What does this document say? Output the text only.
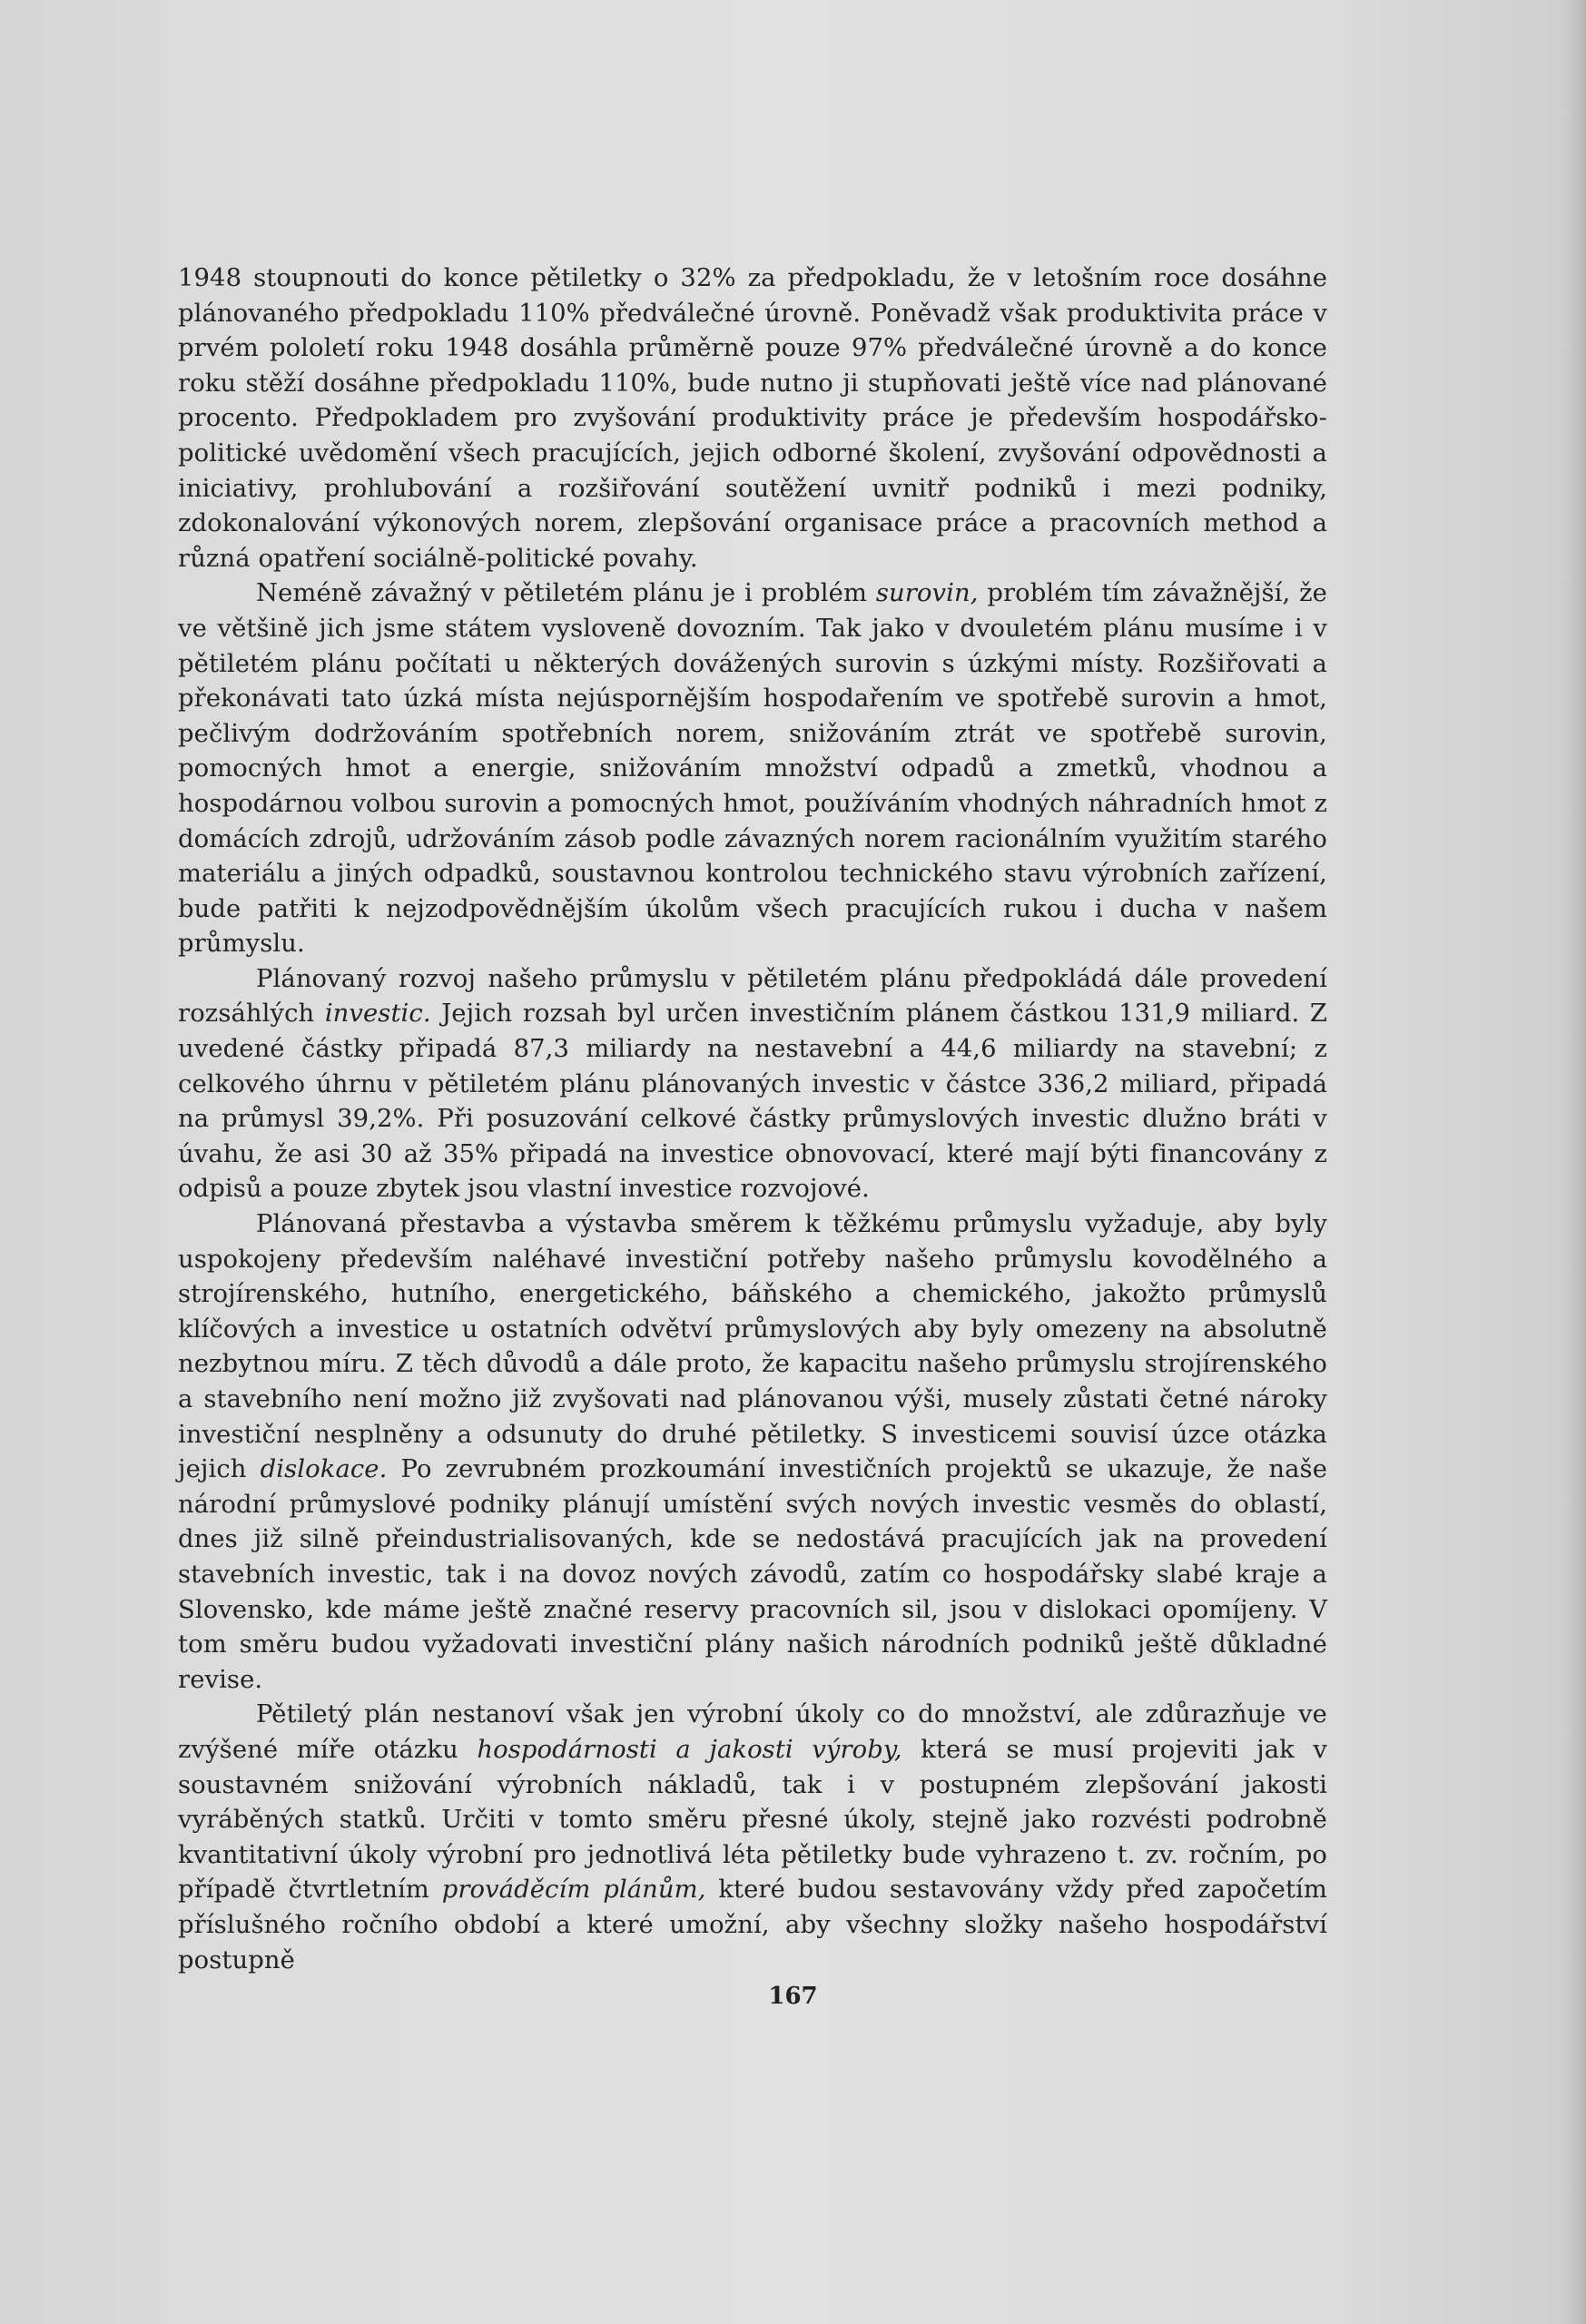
1948 stoupnouti do konce pětiletky o 32% za předpokladu, že v letošním roce dosáhne plánovaného předpokladu 110% předválečné úrovně. Poněvadž však produktivita práce v prvém pololetí roku 1948 dosáhla průměrně pouze 97% předválečné úrovně a do konce roku stěží dosáhne předpokladu 110%, bude nutno ji stupňovati ještě více nad plánované procento. Předpokladem pro zvyšování produktivity práce je především hospodářsko-politické uvědomění všech pracujících, jejich odborné školení, zvyšování odpovědnosti a iniciativy, prohlubování a rozšiřování soutěžení uvnitř podniků i mezi podniky, zdokonalování výkonových norem, zlepšování organisace práce a pracovních method a různá opatření sociálně-politické povahy.

Neméně závažný v pětiletém plánu je i problém surovin, problém tím závažnější, že ve většině jich jsme státem vysloveně dovozním. Tak jako v dvouletém plánu musíme i v pětiletém plánu počítati u některých dovážených surovin s úzkými místy. Rozšiřovati a překonávati tato úzká místa nejúspornějším hospodařením ve spotřebě surovin a hmot, pečlivým dodržováním spotřebních norem, snižováním ztrát ve spotřebě surovin, pomocných hmot a energie, snižováním množství odpadů a zmetků, vhodnou a hospodárnou volbou surovin a pomocných hmot, používáním vhodných náhradních hmot z domácích zdrojů, udržováním zásob podle závazných norem racionálním využitím starého materiálu a jiných odpadků, soustavnou kontrolou technického stavu výrobních zařízení, bude patřiti k nejzodpovědnějším úkolům všech pracujících rukou i ducha v našem průmyslu.

Plánovaný rozvoj našeho průmyslu v pětiletém plánu předpokládá dále provedení rozsáhlých investic. Jejich rozsah byl určen investičním plánem částkou 131,9 miliard. Z uvedené částky připadá 87,3 miliardy na nestavební a 44,6 miliardy na stavební; z celkového úhrnu v pětiletém plánu plánovaných investic v částce 336,2 miliard, připadá na průmysl 39,2%. Při posuzování celkové částky průmyslových investic dlužno bráti v úvahu, že asi 30 až 35% připadá na investice obnovovací, které mají býti financovány z odpisů a pouze zbytek jsou vlastní investice rozvojové.

Plánovaná přestavba a výstavba směrem k těžkému průmyslu vyžaduje, aby byly uspokojeny především naléhavé investiční potřeby našeho průmyslu kovodělného a strojírenského, hutního, energetického, báňského a chemického, jakožto průmyslů klíčových a investice u ostatních odvětví průmyslových aby byly omezeny na absolutně nezbytnou míru. Z těch důvodů a dále proto, že kapacitu našeho průmyslu strojírenského a stavebního není možno již zvyšovati nad plánovanou výši, musely zůstati četné nároky investiční nesplněny a odsunuty do druhé pětiletky. S investicemi souvisí úzce otázka jejich dislokace. Po zevrubném prozkoumání investičních projektů se ukazuje, že naše národní průmyslové podniky plánují umístění svých nových investic vesměs do oblastí, dnes již silně přeindustrialisovaných, kde se nedostává pracujících jak na provedení stavebních investic, tak i na dovoz nových závodů, zatím co hospodářsky slabé kraje a Slovensko, kde máme ještě značné reservy pracovních sil, jsou v dislokaci opomíjeny. V tom směru budou vyžadovati investiční plány našich národních podniků ještě důkladné revise.

Pětiletý plán nestanoví však jen výrobní úkoly co do množství, ale zdůrazňuje ve zvýšené míře otázku hospodárnosti a jakosti výroby, která se musí projeviti jak v soustavném snižování výrobních nákladů, tak i v postupném zlepšování jakosti vyráběných statků. Určiti v tomto směru přesné úkoly, stejně jako rozvésti podrobně kvantitativní úkoly výrobní pro jednotlivá léta pětiletky bude vyhrazeno t. zv. ročním, po případě čtvrtletním prováděcím plánům, které budou sestavovány vždy před započetím příslušného ročního období a které umožní, aby všechny složky našeho hospodářství postupně

167
